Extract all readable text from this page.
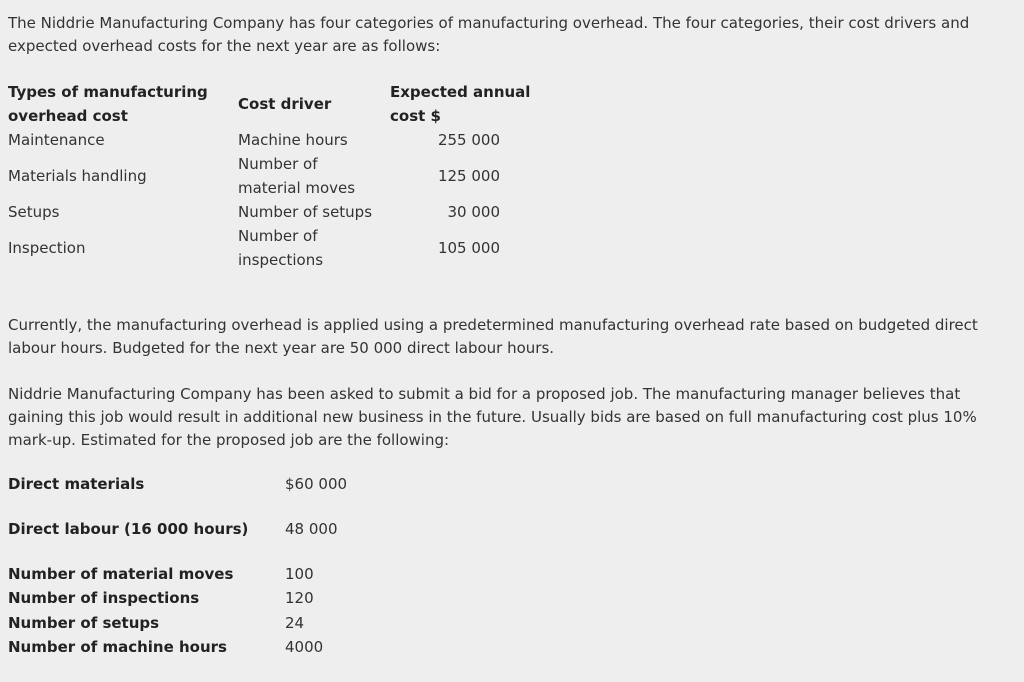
The Niddrie Manufacturing Company has four categories of manufacturing overhead. The four categories, their cost drivers and expected overhead costs for the next year are as follows:
Types of manufacturing overhead cost	Cost driver	Expected annual cost $
Maintenance	Machine hours	255 000
Materials handling	Number of material moves	125 000
Setups	Number of setups	30 000
Inspection	Number of inspections	105 000
Currently, the manufacturing overhead is applied using a predetermined manufacturing overhead rate based on budgeted direct labour hours. Budgeted for the next year are 50 000 direct labour hours.
Niddrie Manufacturing Company has been asked to submit a bid for a proposed job. The manufacturing manager believes that gaining this job would result in additional new business in the future. Usually bids are based on full manufacturing cost plus 10% mark-up. Estimated for the proposed job are the following:
Direct materials	$60 000
Direct labour (16 000 hours) 48 000
Number of material moves	100
Number of inspections	120
Number of setups	24
Number of machine hours	4000
